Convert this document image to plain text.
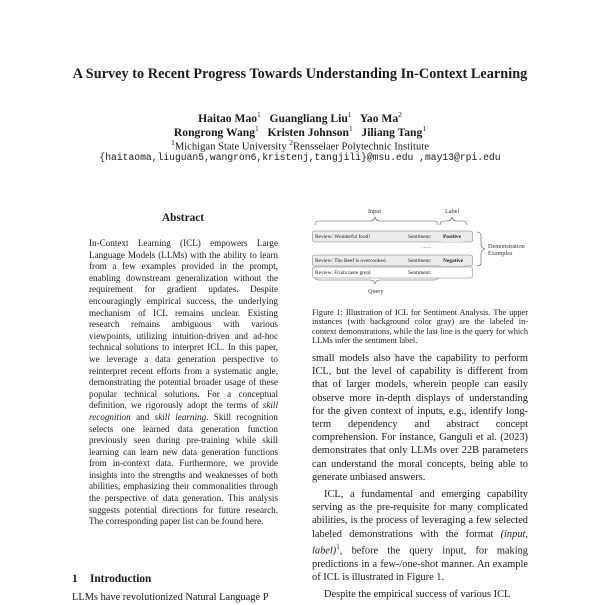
A Survey to Recent Progress Towards Understanding In-Context Learning
Haitao Mao$^1$ Guangliang Liu$^1$ Yao Ma$^2$
Rongrong Wang$^1$ Kristen Johnson$^1$ Jiliang Tang$^1$
$^1$Michigan State University $^2$Rensselaer Polytechnic Institute
{haitaoma,liuguan5,wangron6,kristenj,tangjili}@msu.edu ,may13@rpi.edu
Abstract
In-Context Learning (ICL) empowers Large Language Models (LLMs) with the ability to learn from a few examples provided in the prompt, enabling downstream generalization without the requirement for gradient updates. Despite encouragingly empirical success, the underlying mechanism of ICL remains unclear. Existing research remains ambiguous with various viewpoints, utilizing intuition-driven and ad-hoc technical solutions to interpret ICL. In this paper, we leverage a data generation perspective to reinterpret recent efforts from a systematic angle, demonstrating the potential broader usage of these popular technical solutions. For a conceptual definition, we rigorously adopt the terms of skill recognition and skill learning. Skill recognition selects one learned data generation function previously seen during pre-training while skill learning can learn new data generation functions from in-context data. Furthermore, we provide insights into the strengths and weaknesses of both abilities, emphasizing their commonalities through the perspective of data generation. This analysis suggests potential directions for future research. The corresponding paper list can be found here.
1 Introduction
LLMs have revolutionized Natural Language P
Input	Label
Demonstration Examples
Query
Review: Wonderful food!	Sentiment:	Positive
......
Review: The Beef is overcooked.	Sentiment:	Negative
Review: Fruits taste great.	Sentiment:
Figure 1: Illustration of ICL for Sentiment Analysis. The upper instances (with background color gray) are the labeled in-context demonstrations, while the last line is the query for which LLMs infer the sentiment label.

small models also have the capability to perform ICL, but the level of capability is different from that of larger models, wherein people can easily observe more in-depth displays of understanding for the given context of inputs, e.g., identify long-term dependency and abstract concept comprehension. For instance, Ganguli et al. (2023) demonstrates that only LLMs over 22B parameters can understand the moral concepts, being able to generate unbiased answers.

ICL, a fundamental and emerging capability serving as the pre-requisite for many complicated abilities, is the process of leveraging a few selected labeled demonstrations with the format (input, label)$^1$, before the query input, for making predictions in a few-/one-shot manner. An example of ICL is illustrated in Figure 1.

Despite the empirical success of various ICL
